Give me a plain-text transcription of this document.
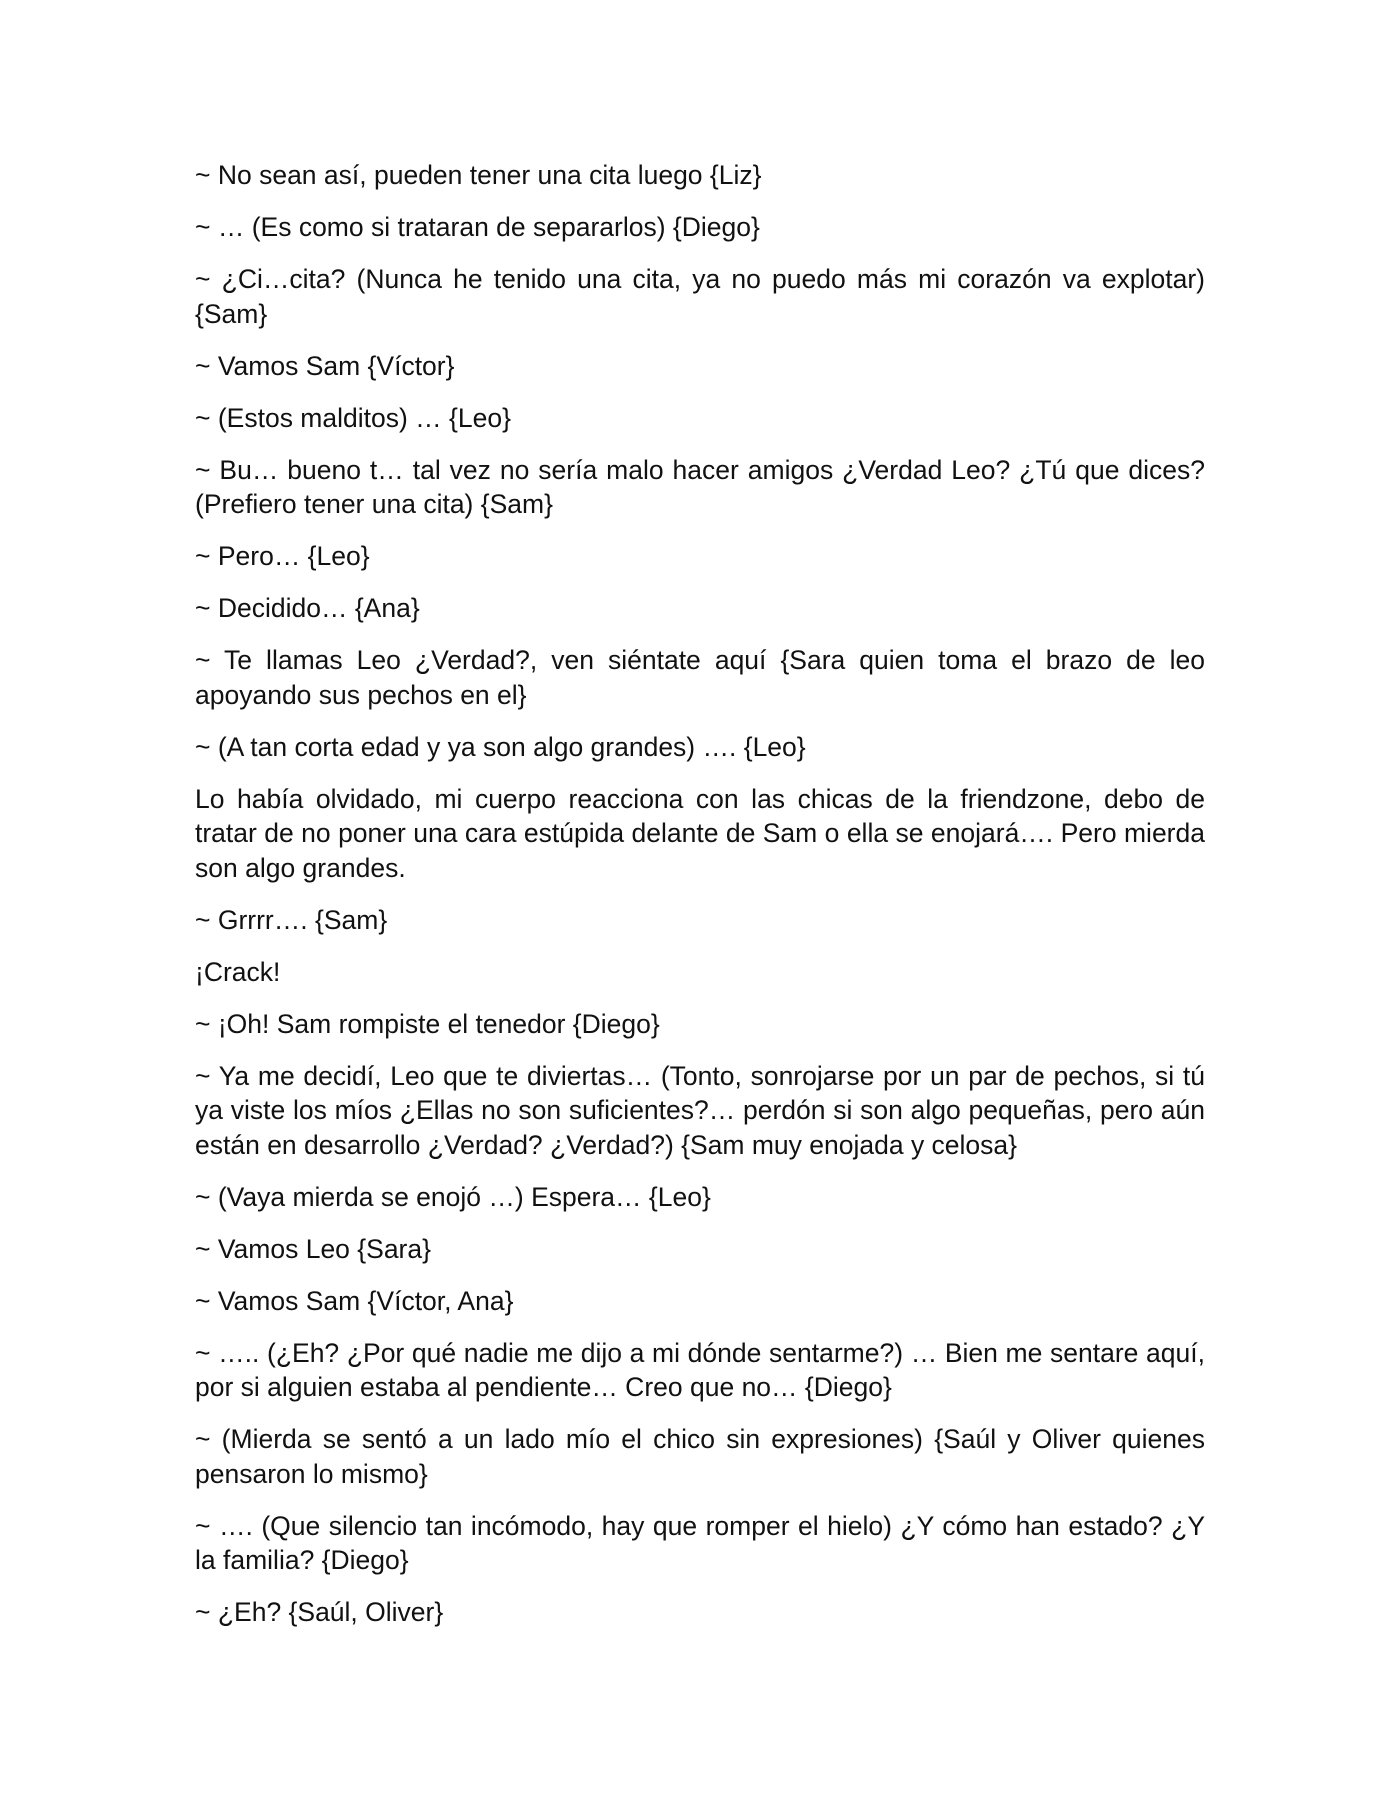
~ No sean así, pueden tener una cita luego {Liz}

~ … (Es como si trataran de separarlos) {Diego}

~ ¿Ci…cita? (Nunca he tenido una cita, ya no puedo más mi corazón va explotar) {Sam}

~ Vamos Sam {Víctor}

~ (Estos malditos) … {Leo}

~ Bu… bueno t… tal vez no sería malo hacer amigos ¿Verdad Leo? ¿Tú que dices? (Prefiero tener una cita) {Sam}

~ Pero… {Leo}

~ Decidido… {Ana}

~ Te llamas Leo ¿Verdad?, ven siéntate aquí {Sara quien toma el brazo de leo apoyando sus pechos en el}

~ (A tan corta edad y ya son algo grandes) …. {Leo}

Lo había olvidado, mi cuerpo reacciona con las chicas de la friendzone, debo de tratar de no poner una cara estúpida delante de Sam o ella se enojará…. Pero mierda son algo grandes.

~ Grrrr…. {Sam}

¡Crack!

~ ¡Oh! Sam rompiste el tenedor {Diego}

~ Ya me decidí, Leo que te diviertas… (Tonto, sonrojarse por un par de pechos, si tú ya viste los míos ¿Ellas no son suficientes?… perdón si son algo pequeñas, pero aún están en desarrollo ¿Verdad? ¿Verdad?) {Sam muy enojada y celosa}

~ (Vaya mierda se enojó …) Espera… {Leo}

~ Vamos Leo {Sara}

~ Vamos Sam {Víctor, Ana}

~ ….. (¿Eh? ¿Por qué nadie me dijo a mi dónde sentarme?) … Bien me sentare aquí, por si alguien estaba al pendiente… Creo que no… {Diego}

~ (Mierda se sentó a un lado mío el chico sin expresiones) {Saúl y Oliver quienes pensaron lo mismo}

~ …. (Que silencio tan incómodo, hay que romper el hielo) ¿Y cómo han estado? ¿Y la familia? {Diego}

~ ¿Eh? {Saúl, Oliver}
